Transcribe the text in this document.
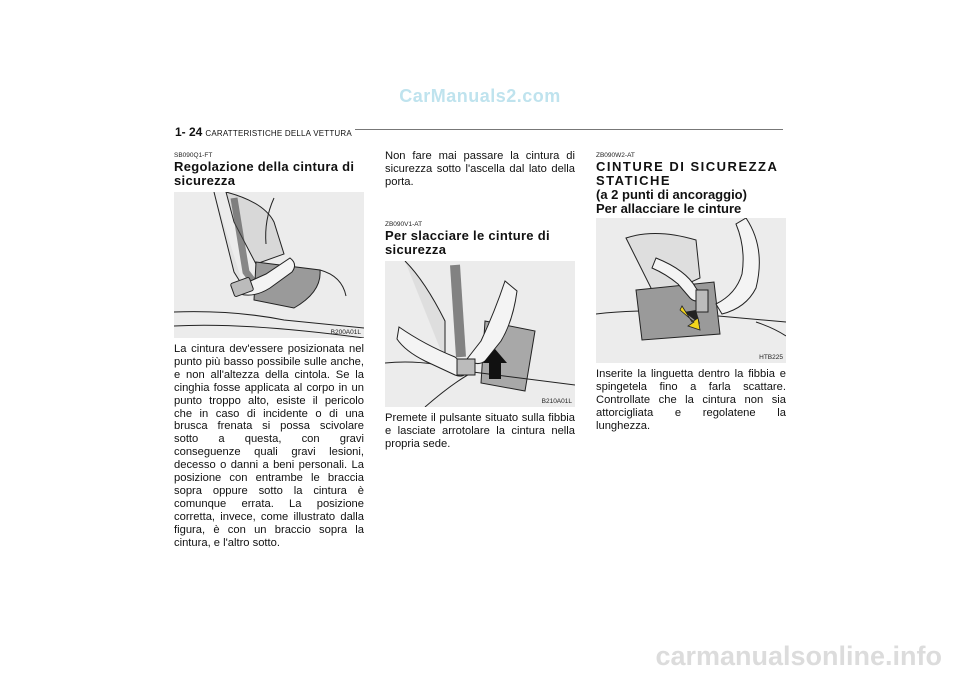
CarManuals2.com
1- 24 CARATTERISTICHE DELLA VETTURA
SB090Q1-FT
Regolazione della cintura di sicurezza
B200A01L
La cintura dev'essere posizionata nel punto più basso possibile sulle anche, e non all'altezza della cintola. Se la cinghia fosse applicata al corpo in un punto troppo alto, esiste il pericolo che in caso di incidente o di una brusca frenata si possa scivolare sotto a questa, con gravi conseguenze quali gravi lesioni, decesso o danni a beni personali. La posizione con entrambe le braccia sopra oppure sotto la cintura è comunque errata. La posizione corretta, invece, come illustrato dalla figura, è con un braccio sopra la cintura, e l'altro sotto.
Non fare mai passare la cintura di sicurezza sotto l'ascella dal lato della porta.
ZB090V1-AT
Per slacciare le cinture di sicurezza
B210A01L
Premete il pulsante situato sulla fibbia e lasciate arrotolare la cintura nella propria sede.
ZB090W2-AT
CINTURE DI SICUREZZA STATICHE
(a 2 punti di ancoraggio)
Per allacciare le cinture
HTB225
Inserite la linguetta dentro la fibbia e spingetela fino a farla scattare. Controllate che la cintura non sia attorcigliata e regolatene la lunghezza.
carmanualsonline.info
